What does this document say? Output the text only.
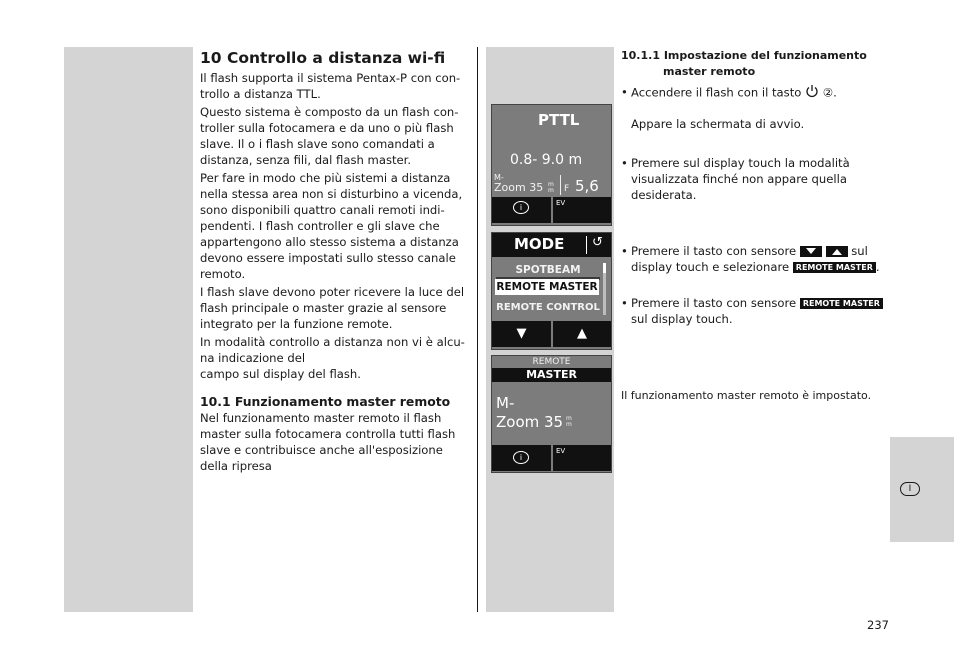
10 Controllo a distanza wi-fi

Il flash supporta il sistema Pentax-P con con-trollo a distanza TTL.

Questo sistema è composto da un flash con-troller sulla fotocamera e da uno o più flash slave. Il o i flash slave sono comandati a distanza, senza fili, dal flash master.

Per fare in modo che più sistemi a distanza nella stessa area non si disturbino a vicenda, sono disponibili quattro canali remoti indi-pendenti. I flash controller e gli slave che appartengono allo stesso sistema a distanza devono essere impostati sullo stesso canale remoto.

I flash slave devono poter ricevere la luce del flash principale o master grazie al sensore integrato per la funzione remote.

In modalità controllo a distanza non vi è alcu-na indicazione del

campo sul display del flash.

10.1 Funzionamento master remoto

Nel funzionamento master remoto il flash master sulla fotocamera controlla tutti flash slave e contribuisce anche all'esposizione della ripresa

PTTL
0.8- 9.0 m
M-
Zoom 35 m m F 5,6
i	EV
MODE ↺
SPOTBEAM
REMOTE MASTER
REMOTE CONTROL
▼	▲
REMOTE
MASTER
M-
Zoom 35 m m
i
EV
10.1.1 Impostazione del funzionamento
master remoto
• Accendere il flash con il tasto ②.
Appare la schermata di avvio.
• Premere sul display touch la modalità visualizzata finché non appare quella desiderata.
• Premere il tasto con sensore
	sul display touch e selezionare REMOTE MASTER .
• Premere il tasto con sensore REMOTE MASTER sul display touch.
Il funzionamento master remoto è impostato.
I
237
